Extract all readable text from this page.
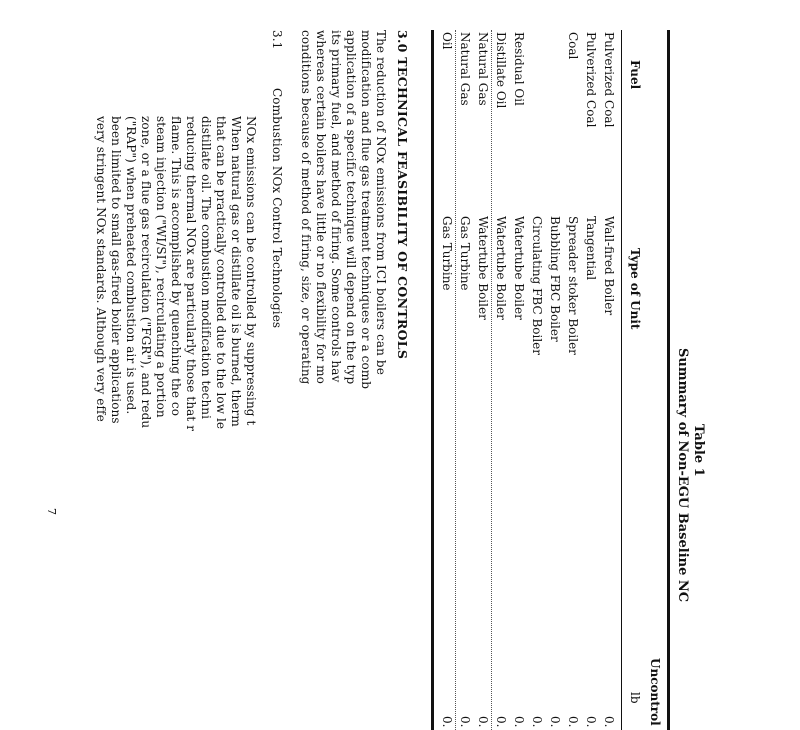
Table 1
Summary of Non-EGU Baseline NC
Fuel
Type of Unit
Uncontrol
lb
Pulverized Coal
Wall-fired Boiler
0.
Pulverized Coal
Tangential
0.
Coal
Spreader stoker Boiler
0.
Bubbling FBC Boiler
0.
Circulating FBC Boiler
0.
Residual Oil
Watertube Boiler
0.
Distillate Oil
Watertube Boiler
0.
Natural Gas
Watertube Boiler
0.
Natural Gas
Gas Turbine
0.
Oil
Gas Turbine
0.
3.0 TECHNICAL FEASIBILITY OF CONTROLS
The reduction of NOx emissions from ICI boilers can be
modification and flue gas treatment techniques or a comb
application of a specific technique will depend on the typ
its primary fuel, and method of firing. Some controls hav
whereas certain boilers have little or no flexibility for mo
conditions because of method of firing, size, or operating
3.1
Combustion NOx Control Technologies
NOx emissions can be controlled by suppressing t
When natural gas or distillate oil is burned, therm
that can be practically controlled due to the low le
distillate oil. The combustion modification techni
reducing thermal NOx are particularly those that r
flame. This is accomplished by quenching the co
steam injection ("WI/SI"), recirculating a portion
zone, or a flue gas recirculation ("FGR"), and redu
("RAP") when preheated combustion air is used.
been limited to small gas-fired boiler applications
very stringent NOx standards. Although very effe
7
